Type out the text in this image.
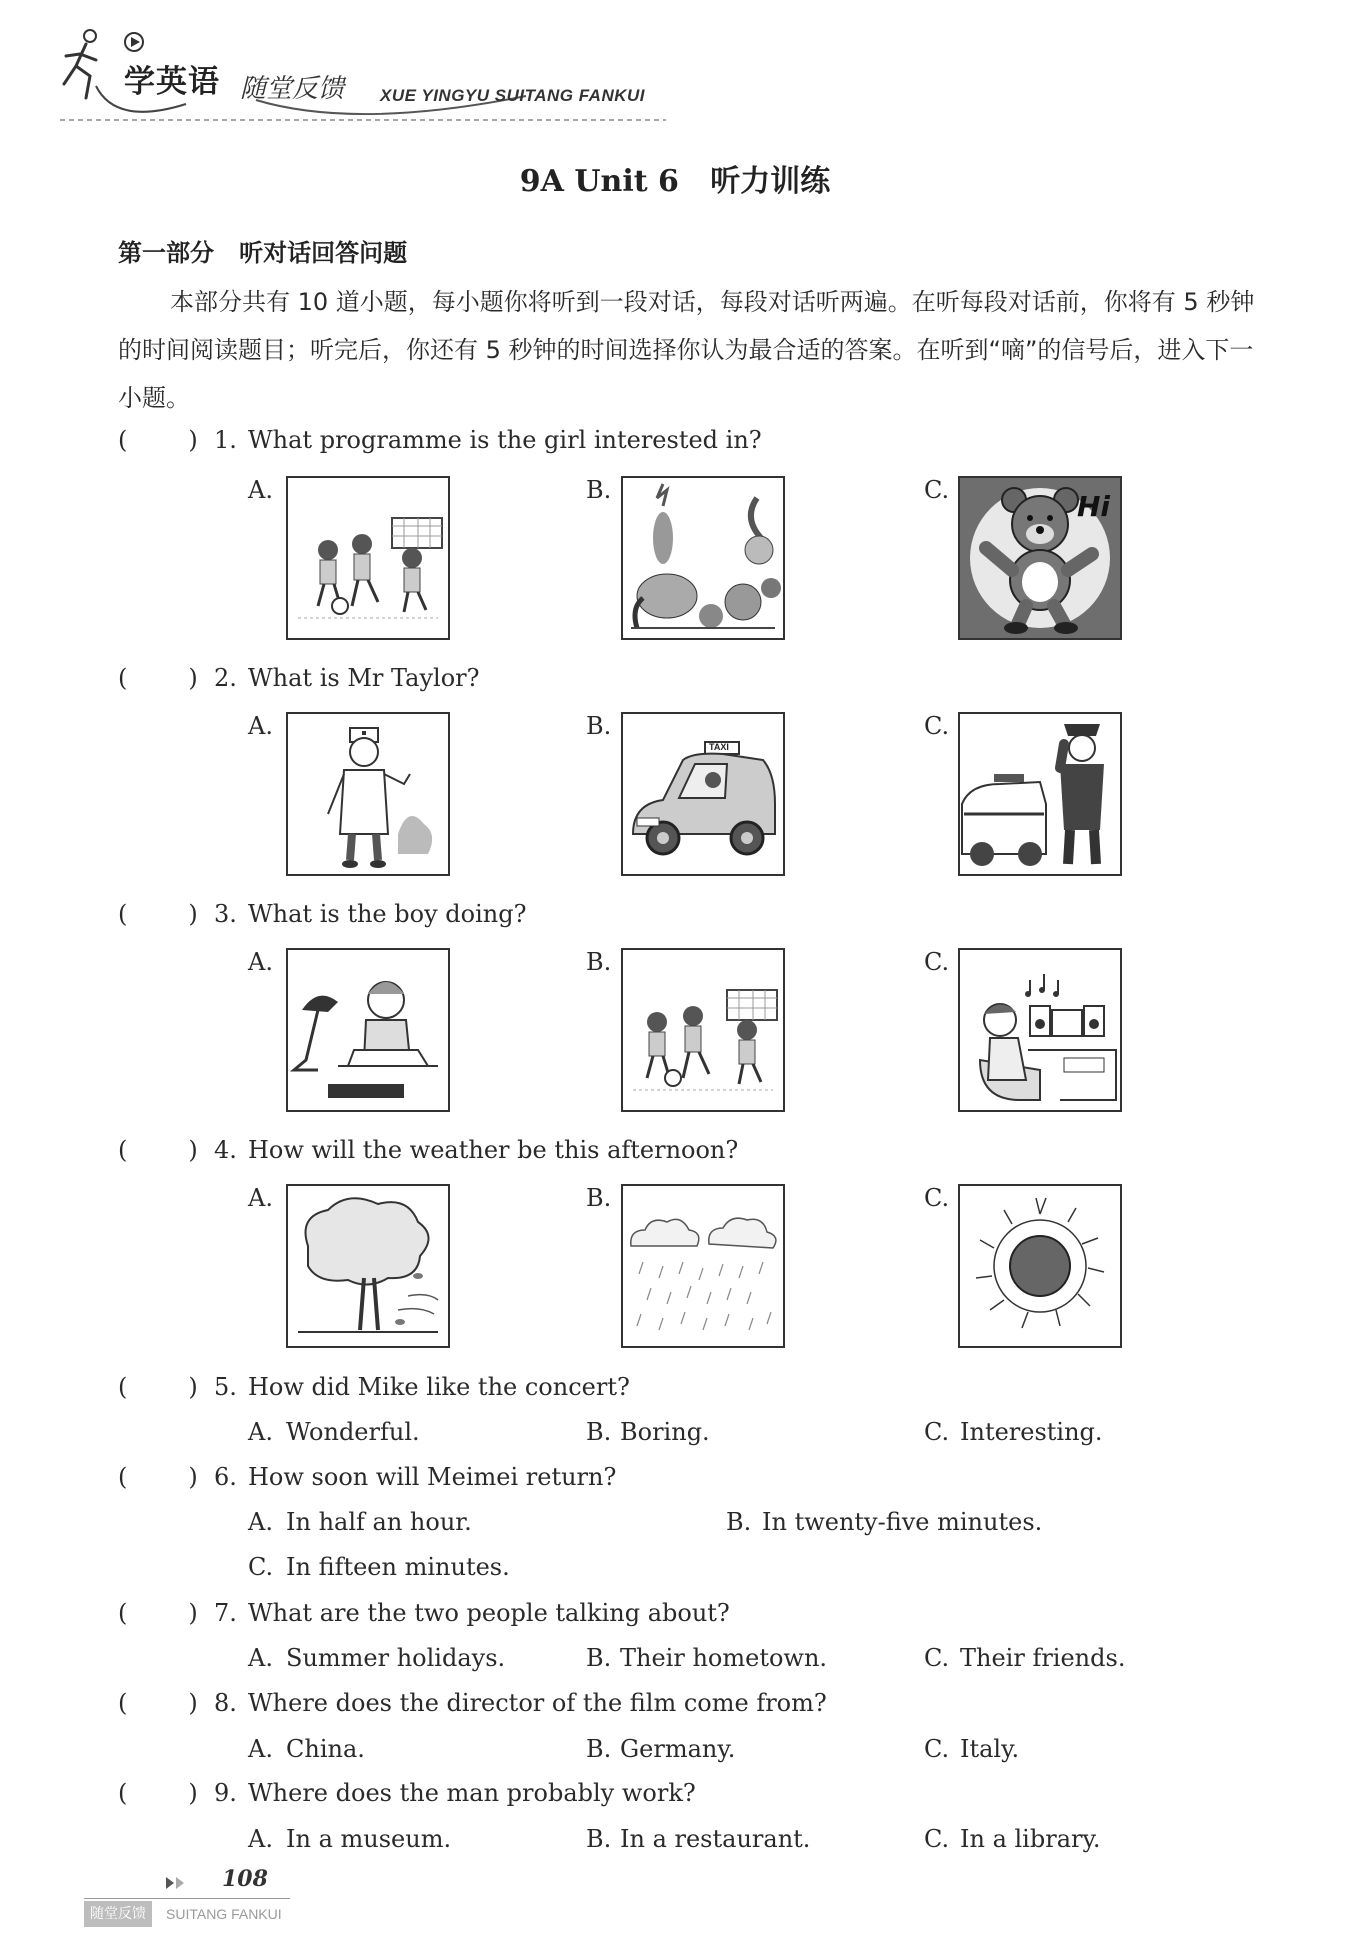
学英语 随堂反馈 XUE YINGYU SUITANG FANKUI
9A Unit 6   听力训练
第一部分   听对话回答问题
本部分共有 10 道小题，每小题你将听到一段对话，每段对话听两遍。在听每段对话前，你将有 5 秒钟的时间阅读题目；听完后，你还有 5 秒钟的时间选择你认为最合适的答案。在听到“嘀”的信号后，进入下一小题。
(        ) 1. What programme is the girl interested in?
A.	B.	C.	Hi
(        ) 2. What is Mr Taylor?
A.	B.
TAXI
C.
(        ) 3. What is the boy doing?
A.	B.	C.
(        ) 4. How will the weather be this afternoon?
A.	B.	C.
(        ) 5. How did Mike like the concert?
A. Wonderful.	B. Boring.	C. Interesting.
(        ) 6. How soon will Meimei return?
A. In half an hour.	B. In twenty-five minutes.
C. In fifteen minutes.
(        ) 7. What are the two people talking about?
A. Summer holidays.	B. Their hometown.	C. Their friends.
(        ) 8. Where does the director of the film come from?
A. China.	B. Germany.	C. Italy.
(        ) 9. Where does the man probably work?
A. In a museum.	B. In a restaurant.	C. In a library.
108
随堂反馈	SUITANG FANKUI
